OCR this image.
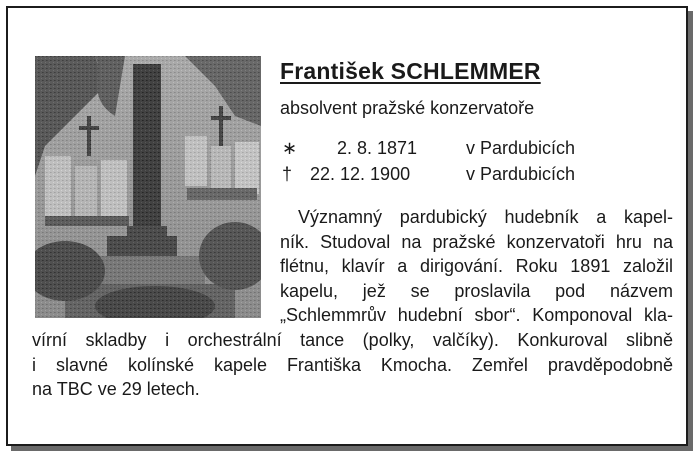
František SCHLEMMER
absolvent pražské konzervatoře
∗ 2. 8. 1871	v Pardubicích
† 22. 12. 1900	v Pardubicích
Významný pardubický hudebník a kapel-
ník. Studoval na pražské konzervatoři hru na
flétnu, klavír a dirigování. Roku 1891 založil
kapelu, jež se proslavila pod názvem
„Schlemmrův hudební sbor“. Komponoval kla-
vírní skladby i orchestrální tance (polky, valčíky). Konkuroval slibně
i slavné kolínské kapele Františka Kmocha. Zemřel pravděpodobně
na TBC ve 29 letech.
